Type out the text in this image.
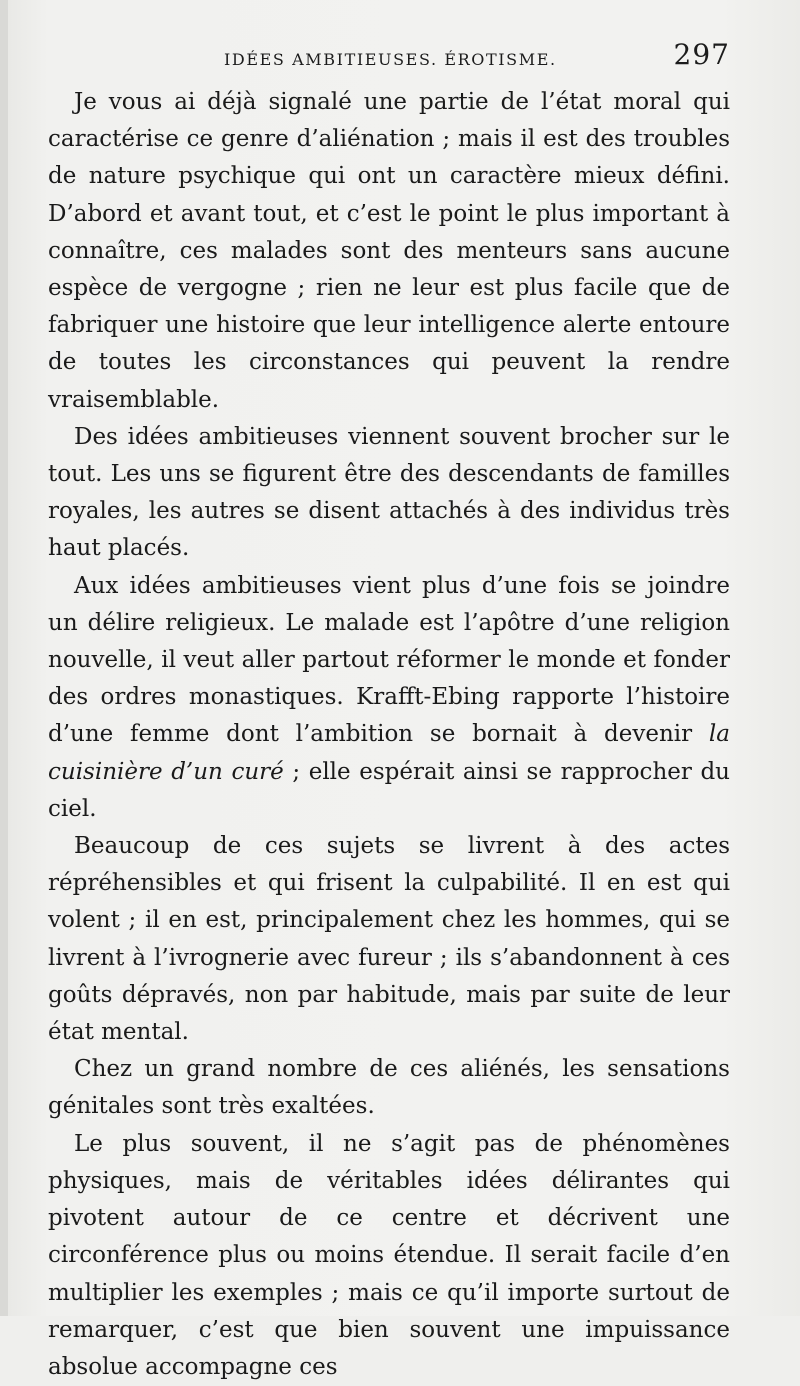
IDÉES AMBITIEUSES. ÉROTISME.	297

Je vous ai déjà signalé une partie de l’état moral qui caractérise ce genre d’aliénation ; mais il est des troubles de nature psychique qui ont un caractère mieux défini. D’abord et avant tout, et c’est le point le plus important à connaître, ces malades sont des menteurs sans aucune espèce de vergogne ; rien ne leur est plus facile que de fabriquer une histoire que leur intelligence alerte entoure de toutes les circonstances qui peuvent la rendre vraisemblable.

Des idées ambitieuses viennent souvent brocher sur le tout. Les uns se figurent être des descendants de familles royales, les autres se disent attachés à des individus très haut placés.

Aux idées ambitieuses vient plus d’une fois se joindre un délire religieux. Le malade est l’apôtre d’une religion nouvelle, il veut aller partout réformer le monde et fonder des ordres monastiques. Krafft-Ebing rapporte l’histoire d’une femme dont l’ambition se bornait à devenir la cuisinière d’un curé ; elle espérait ainsi se rapprocher du ciel.

Beaucoup de ces sujets se livrent à des actes répréhensibles et qui frisent la culpabilité. Il en est qui volent ; il en est, principalement chez les hommes, qui se livrent à l’ivrognerie avec fureur ; ils s’abandonnent à ces goûts dépravés, non par habitude, mais par suite de leur état mental.

Chez un grand nombre de ces aliénés, les sensations génitales sont très exaltées.

Le plus souvent, il ne s’agit pas de phénomènes physiques, mais de véritables idées délirantes qui pivotent autour de ce centre et décrivent une circonférence plus ou moins étendue. Il serait facile d’en multiplier les exemples ; mais ce qu’il importe surtout de remarquer, c’est que bien souvent une impuissance absolue accompagne ces
